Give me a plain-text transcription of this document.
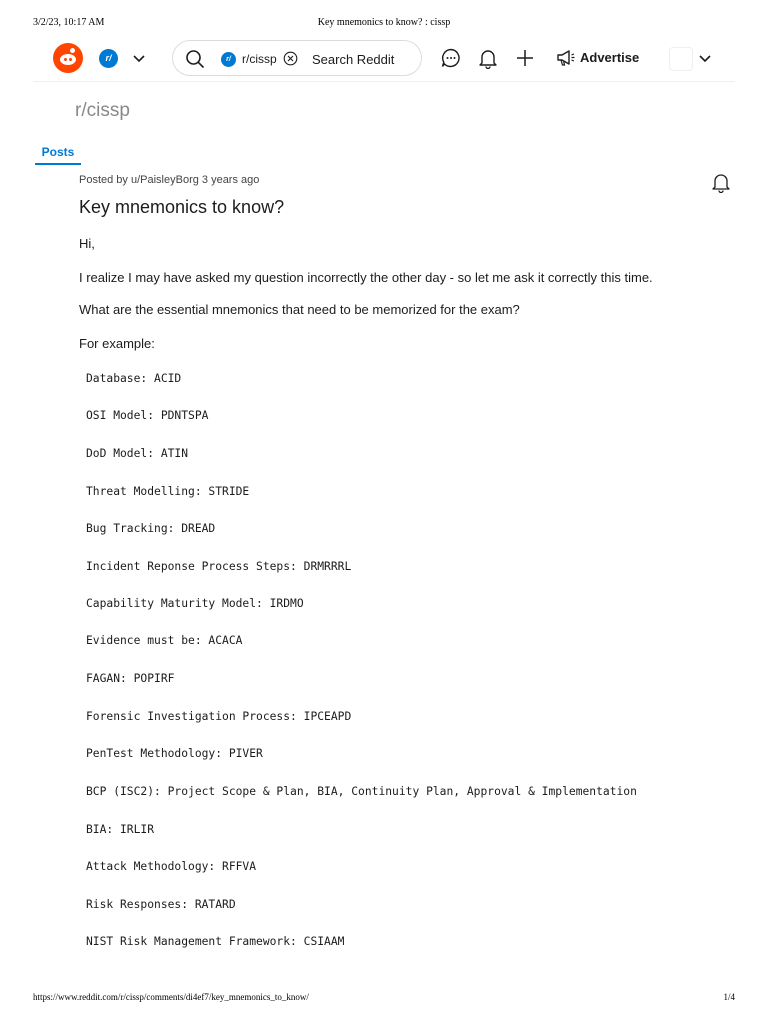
3/2/23, 10:17 AM	Key mnemonics to know? : cissp
r/	r/ r/cissp	Search Reddit	Advertise
r/cissp
Posts
Posted by u/PaisleyBorg 3 years ago
Key mnemonics to know?

Hi,

I realize I may have asked my question incorrectly the other day - so let me ask it correctly this time.

What are the essential mnemonics that need to be memorized for the exam?

For example:

Database: ACID
OSI Model: PDNTSPA
DoD Model: ATIN
Threat Modelling: STRIDE
Bug Tracking: DREAD
Incident Reponse Process Steps: DRMRRRL
Capability Maturity Model: IRDMO
Evidence must be: ACACA
FAGAN: POPIRF
Forensic Investigation Process: IPCEAPD
PenTest Methodology: PIVER
BCP (ISC2): Project Scope & Plan, BIA, Continuity Plan, Approval & Implementation
BIA: IRLIR
Attack Methodology: RFFVA
Risk Responses: RATARD
NIST Risk Management Framework: CSIAAM
https://www.reddit.com/r/cissp/comments/di4ef7/key_mnemonics_to_know/	1/4
